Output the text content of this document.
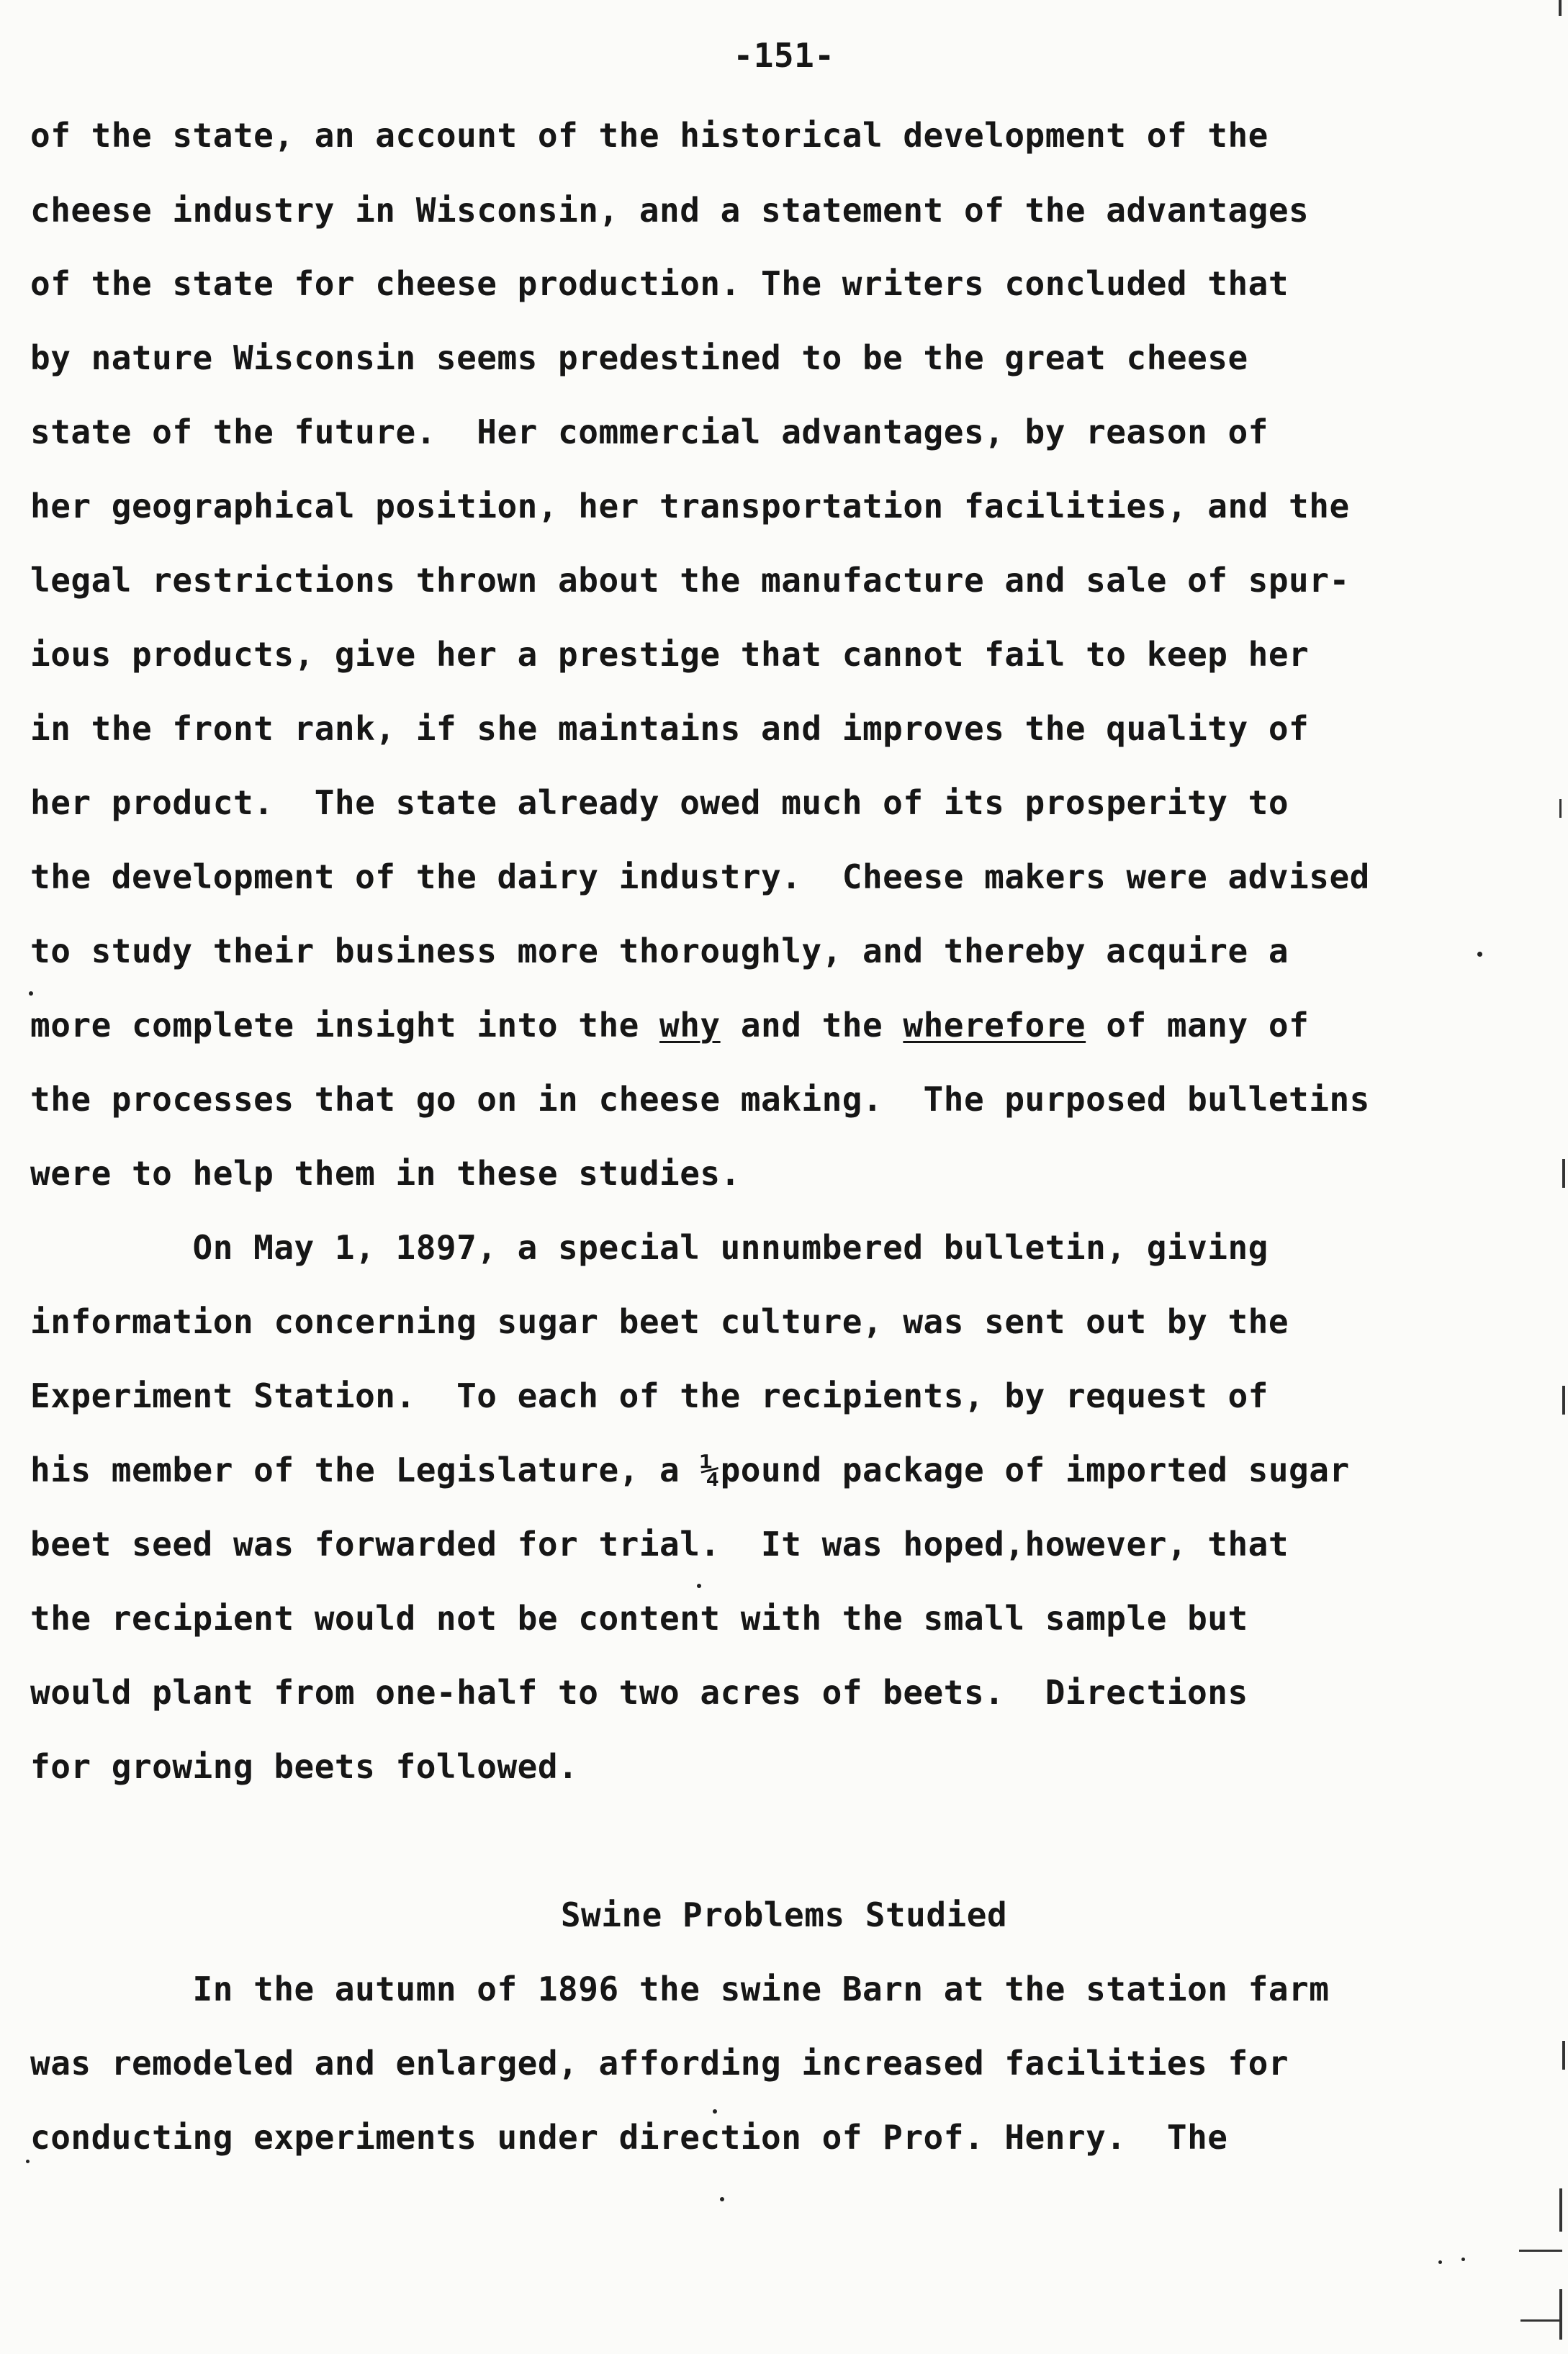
-151-
of the state, an account of the historical development of the
cheese industry in Wisconsin, and a statement of the advantages
of the state for cheese production. The writers concluded that
by nature Wisconsin seems predestined to be the great cheese
state of the future.  Her commercial advantages, by reason of
her geographical position, her transportation facilities, and the
legal restrictions thrown about the manufacture and sale of spur-
ious products, give her a prestige that cannot fail to keep her
in the front rank, if she maintains and improves the quality of
her product.  The state already owed much of its prosperity to
the development of the dairy industry.  Cheese makers were advised
to study their business more thoroughly, and thereby acquire a
more complete insight into the why and the wherefore of many of
the processes that go on in cheese making.  The purposed bulletins
were to help them in these studies.
On May 1, 1897, a special unnumbered bulletin, giving
information concerning sugar beet culture, was sent out by the
Experiment Station.  To each of the recipients, by request of
his member of the Legislature, a ¼pound package of imported sugar
beet seed was forwarded for trial.  It was hoped,however, that
the recipient would not be content with the small sample but
would plant from one-half to two acres of beets.  Directions
for growing beets followed.
Swine Problems Studied
In the autumn of 1896 the swine Barn at the station farm
was remodeled and enlarged, affording increased facilities for
conducting experiments under direction of Prof. Henry.  The
